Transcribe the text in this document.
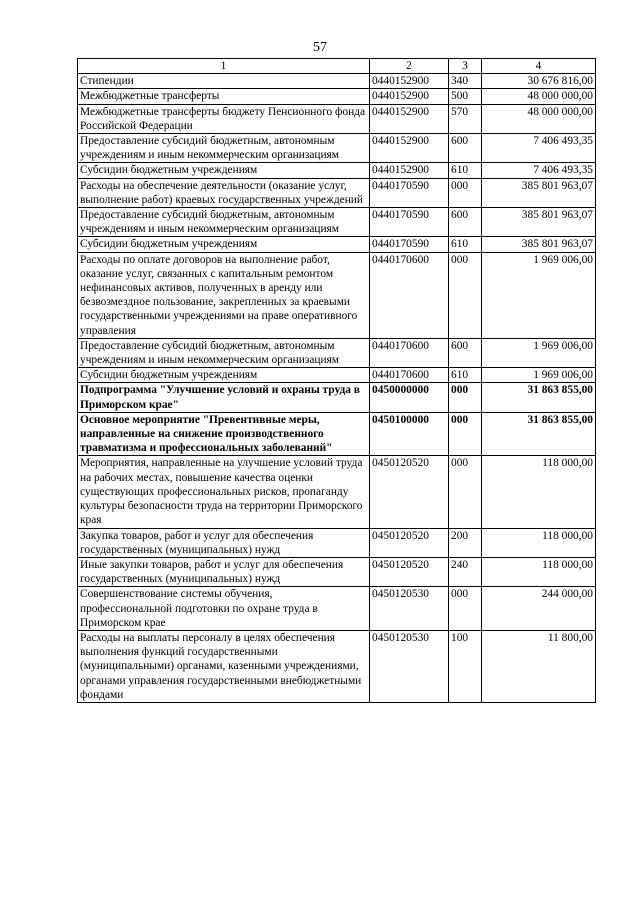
57
1	2	3	4
Стипендии	0440152900	340	30 676 816,00
Межбюджетные трансферты	0440152900	500	48 000 000,00
Межбюджетные трансферты бюджету Пенсионного фонда Российской Федерации	0440152900	570	48 000 000,00
Предоставление субсидий бюджетным, автономным учреждениям и иным некоммерческим организациям	0440152900	600	7 406 493,35
Субсидии бюджетным учреждениям	0440152900	610	7 406 493,35
Расходы на обеспечение деятельности (оказание услуг, выполнение работ) краевых государственных учреждений	0440170590	000	385 801 963,07
Предоставление субсидий бюджетным, автономным учреждениям и иным некоммерческим организациям	0440170590	600	385 801 963,07
Субсидии бюджетным учреждениям	0440170590	610	385 801 963,07
Расходы по оплате договоров на выполнение работ, оказание услуг, связанных с капитальным ремонтом нефинансовых активов, полученных в аренду или безвозмездное пользование, закрепленных за краевыми государственными учреждениями на праве оперативного управления	0440170600	000	1 969 006,00
Предоставление субсидий бюджетным, автономным учреждениям и иным некоммерческим организациям	0440170600	600	1 969 006,00
Субсидии бюджетным учреждениям	0440170600	610	1 969 006,00
Подпрограмма "Улучшение условий и охраны труда в Приморском крае"	0450000000	000	31 863 855,00
Основное мероприятие "Превентивные меры, направленные на снижение производственного травматизма и профессиональных заболеваний"	0450100000	000	31 863 855,00
Мероприятия, направленные на улучшение условий труда на рабочих местах, повышение качества оценки существующих профессиональных рисков, пропаганду культуры безопасности труда на территории Приморского края	0450120520	000	118 000,00
Закупка товаров, работ и услуг для обеспечения государственных (муниципальных) нужд	0450120520	200	118 000,00
Иные закупки товаров, работ и услуг для обеспечения государственных (муниципальных) нужд	0450120520	240	118 000,00
Совершенствование системы обучения, профессиональной подготовки по охране труда в Приморском крае	0450120530	000	244 000,00
Расходы на выплаты персоналу в целях обеспечения выполнения функций государственными (муниципальными) органами, казенными учреждениями, органами управления государственными внебюджетными фондами	0450120530	100	11 800,00
